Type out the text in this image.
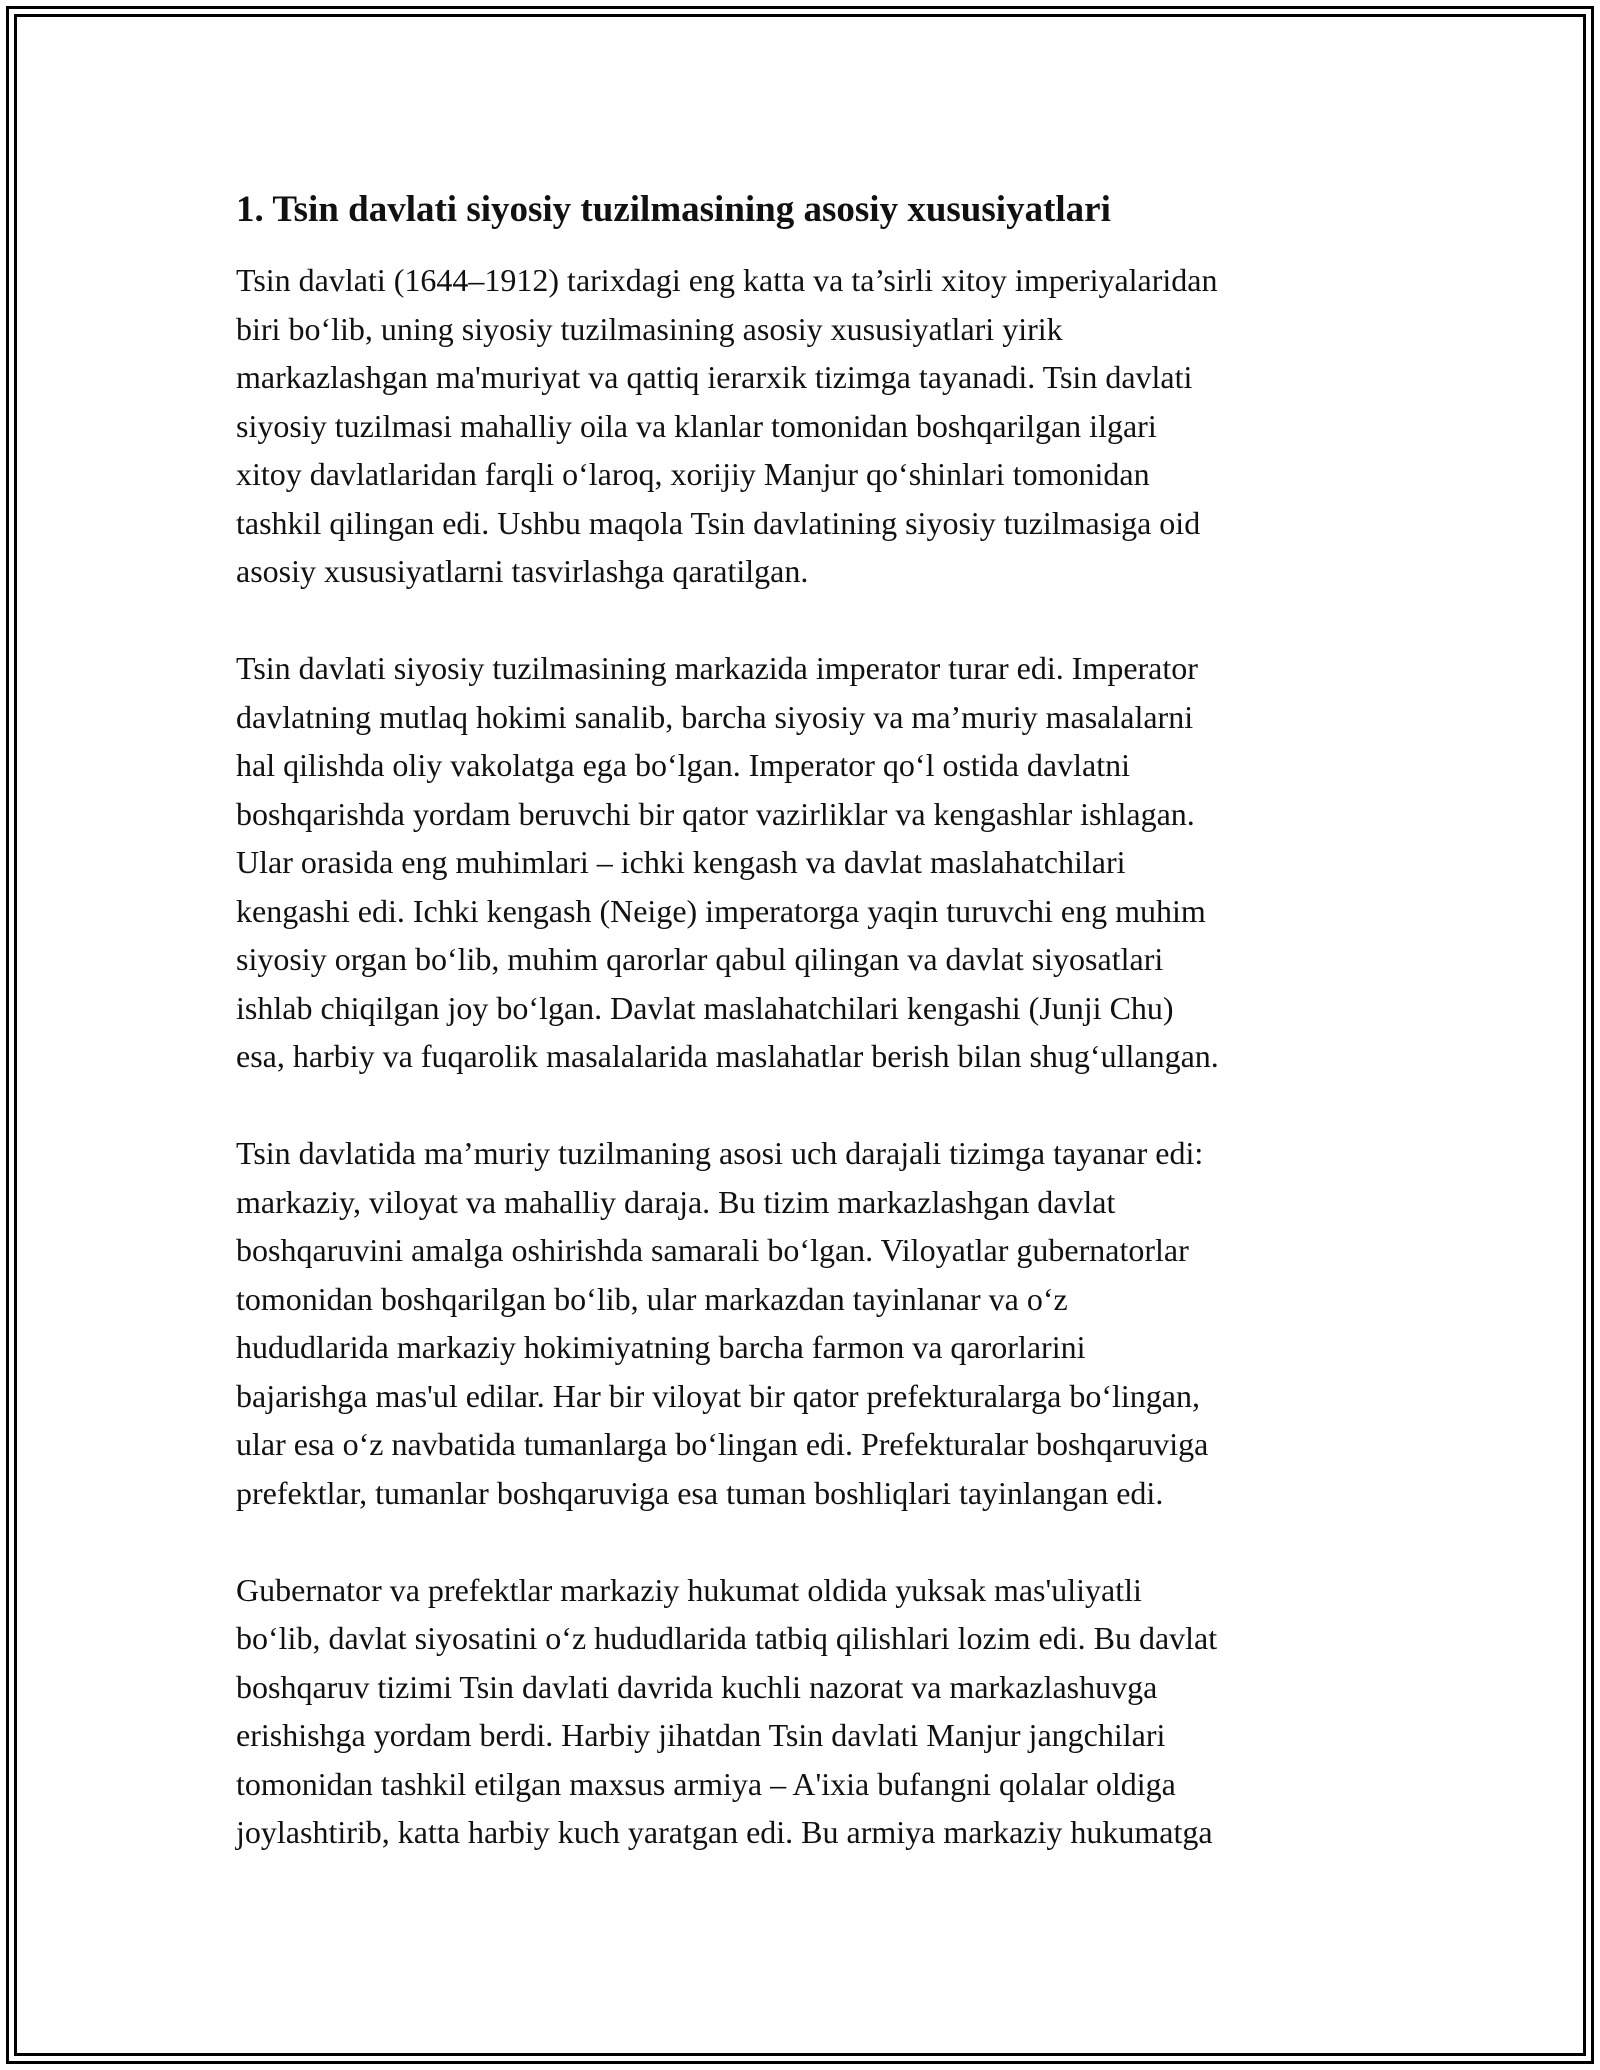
1. Tsin davlati siyosiy tuzilmasining asosiy xususiyatlari

Tsin davlati (1644–1912) tarixdagi eng katta va ta’sirli xitoy imperiyalaridan
biri bo‘lib, uning siyosiy tuzilmasining asosiy xususiyatlari yirik
markazlashgan ma'muriyat va qattiq ierarxik tizimga tayanadi. Tsin davlati
siyosiy tuzilmasi mahalliy oila va klanlar tomonidan boshqarilgan ilgari
xitoy davlatlaridan farqli o‘laroq, xorijiy Manjur qo‘shinlari tomonidan
tashkil qilingan edi. Ushbu maqola Tsin davlatining siyosiy tuzilmasiga oid
asosiy xususiyatlarni tasvirlashga qaratilgan.

Tsin davlati siyosiy tuzilmasining markazida imperator turar edi. Imperator
davlatning mutlaq hokimi sanalib, barcha siyosiy va ma’muriy masalalarni
hal qilishda oliy vakolatga ega bo‘lgan. Imperator qo‘l ostida davlatni
boshqarishda yordam beruvchi bir qator vazirliklar va kengashlar ishlagan.
Ular orasida eng muhimlari – ichki kengash va davlat maslahatchilari
kengashi edi. Ichki kengash (Neige) imperatorga yaqin turuvchi eng muhim
siyosiy organ bo‘lib, muhim qarorlar qabul qilingan va davlat siyosatlari
ishlab chiqilgan joy bo‘lgan. Davlat maslahatchilari kengashi (Junji Chu)
esa, harbiy va fuqarolik masalalarida maslahatlar berish bilan shug‘ullangan.

Tsin davlatida ma’muriy tuzilmaning asosi uch darajali tizimga tayanar edi:
markaziy, viloyat va mahalliy daraja. Bu tizim markazlashgan davlat
boshqaruvini amalga oshirishda samarali bo‘lgan. Viloyatlar gubernatorlar
tomonidan boshqarilgan bo‘lib, ular markazdan tayinlanar va o‘z
hududlarida markaziy hokimiyatning barcha farmon va qarorlarini
bajarishga mas'ul edilar. Har bir viloyat bir qator prefekturalarga bo‘lingan,
ular esa o‘z navbatida tumanlarga bo‘lingan edi. Prefekturalar boshqaruviga
prefektlar, tumanlar boshqaruviga esa tuman boshliqlari tayinlangan edi.

Gubernator va prefektlar markaziy hukumat oldida yuksak mas'uliyatli
bo‘lib, davlat siyosatini o‘z hududlarida tatbiq qilishlari lozim edi. Bu davlat
boshqaruv tizimi Tsin davlati davrida kuchli nazorat va markazlashuvga
erishishga yordam berdi. Harbiy jihatdan Tsin davlati Manjur jangchilari
tomonidan tashkil etilgan maxsus armiya – A'ixia bufangni qolalar oldiga
joylashtirib, katta harbiy kuch yaratgan edi. Bu armiya markaziy hukumatga
